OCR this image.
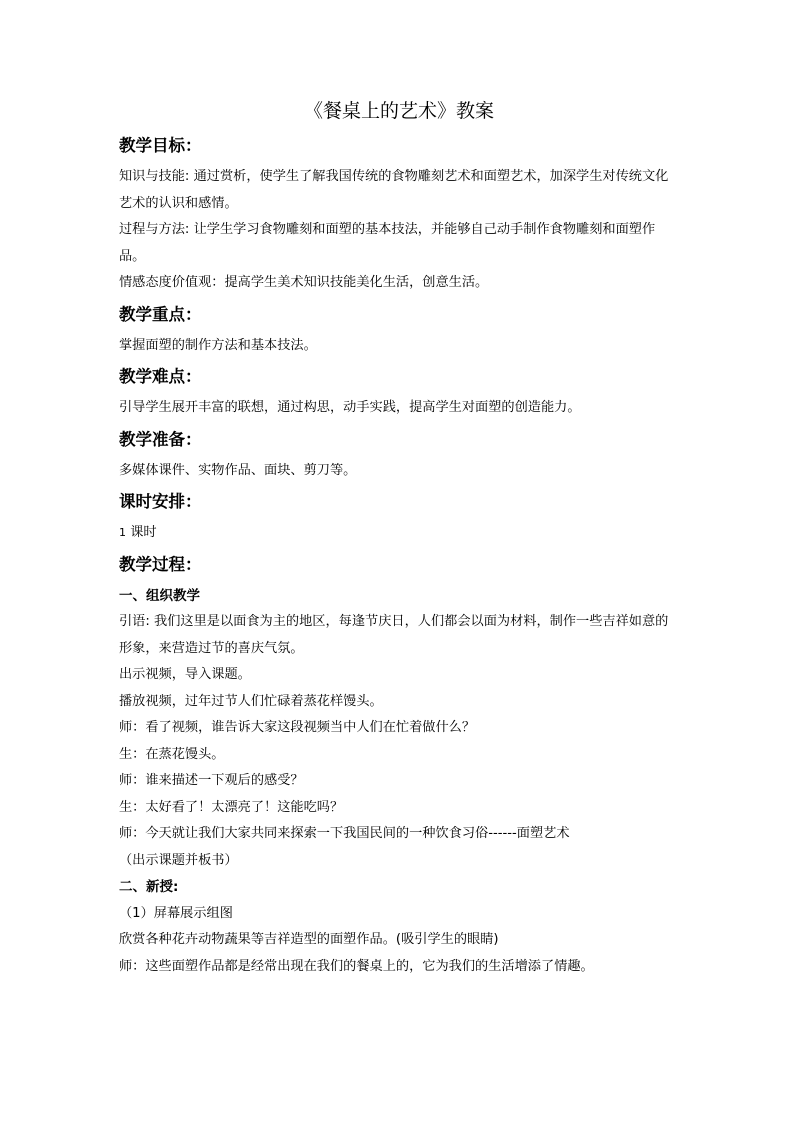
《餐桌上的艺术》教案

教学目标：

知识与技能: 通过赏析，使学生了解我国传统的食物雕刻艺术和面塑艺术，加深学生对传统文化艺术的认识和感情。

过程与方法: 让学生学习食物雕刻和面塑的基本技法，并能够自己动手制作食物雕刻和面塑作品。

情感态度价值观：提高学生美术知识技能美化生活，创意生活。

教学重点：

掌握面塑的制作方法和基本技法。

教学难点：

引导学生展开丰富的联想，通过构思，动手实践，提高学生对面塑的创造能力。

教学准备：

多媒体课件、实物作品、面块、剪刀等。

课时安排：

1 课时

教学过程：

一、组织教学

引语: 我们这里是以面食为主的地区，每逢节庆日，人们都会以面为材料，制作一些吉祥如意的形象，来营造过节的喜庆气氛。

出示视频，导入课题。

播放视频，过年过节人们忙碌着蒸花样馒头。

师：看了视频，谁告诉大家这段视频当中人们在忙着做什么？

生：在蒸花馒头。

师：谁来描述一下观后的感受？

生：太好看了！太漂亮了！这能吃吗？

师：今天就让我们大家共同来探索一下我国民间的一种饮食习俗------面塑艺术

（出示课题并板书）

二、新授:

（1）屏幕展示组图

欣赏各种花卉动物蔬果等吉祥造型的面塑作品。(吸引学生的眼睛)

师：这些面塑作品都是经常出现在我们的餐桌上的，它为我们的生活增添了情趣。
